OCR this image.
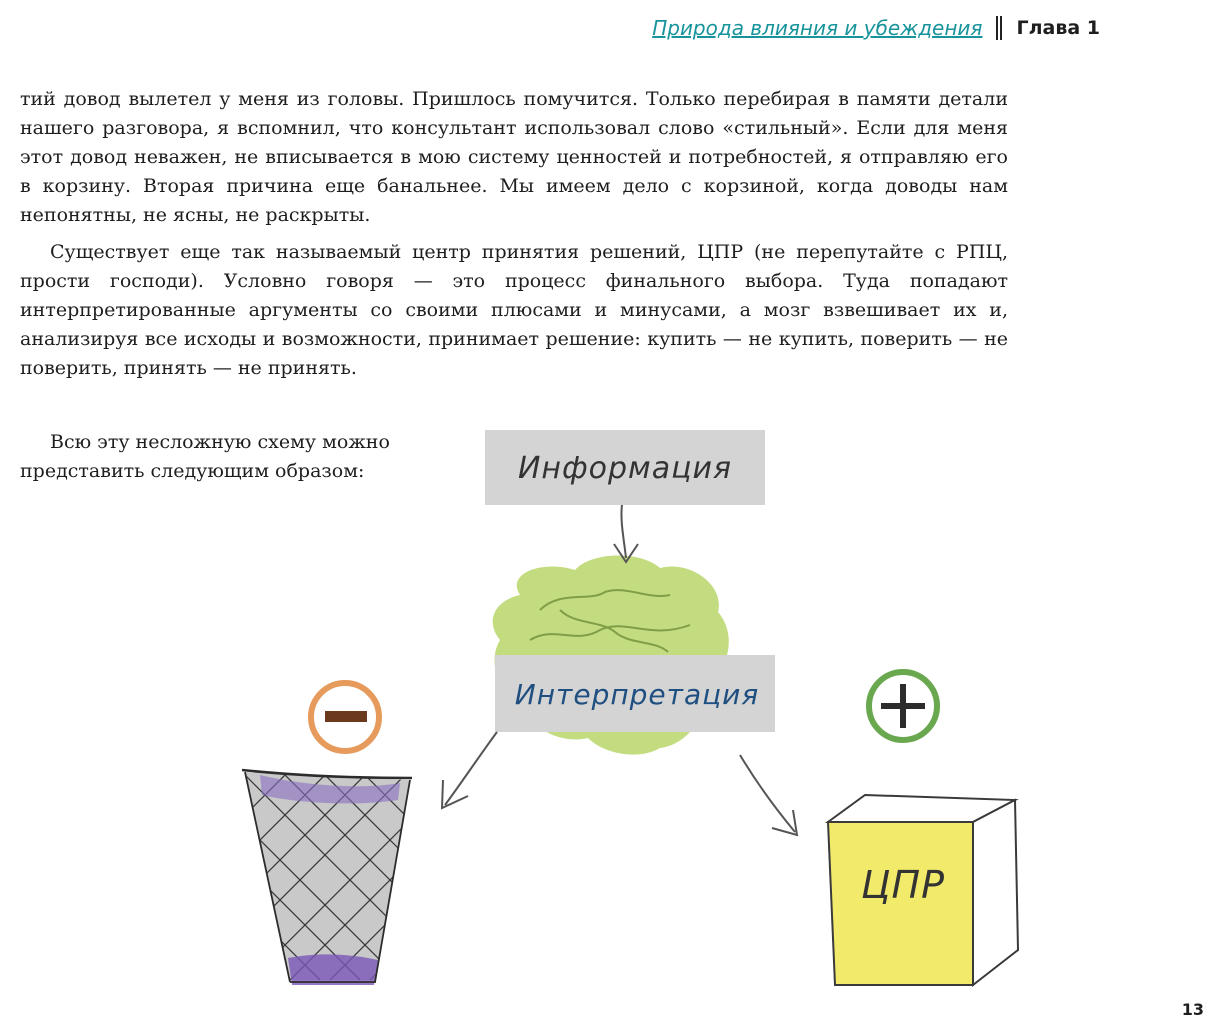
Природа влияния и убеждения Глава 1

тий довод вылетел у меня из головы. Пришлось помучится. Только перебирая в памяти детали нашего разговора, я вспомнил, что консультант использовал слово «стильный». Если для меня этот довод неважен, не вписывается в мою систему ценностей и потребностей, я отправляю его в корзину. Вторая причина еще банальнее. Мы имеем дело с корзиной, когда доводы нам непонятны, не ясны, не раскрыты.

Существует еще так называемый центр принятия решений, ЦПР (не перепутайте с РПЦ, прости господи). Условно говоря — это процесс финального выбора. Туда попадают интерпретированные аргументы со своими плюсами и минусами, а мозг взвешивает их и, анализируя все исходы и возможности, принимает решение: купить — не купить, поверить — не поверить, принять — не принять.

Всю эту несложную схему можно представить следующим образом:	Информация
Интерпретация
ЦПР
13
